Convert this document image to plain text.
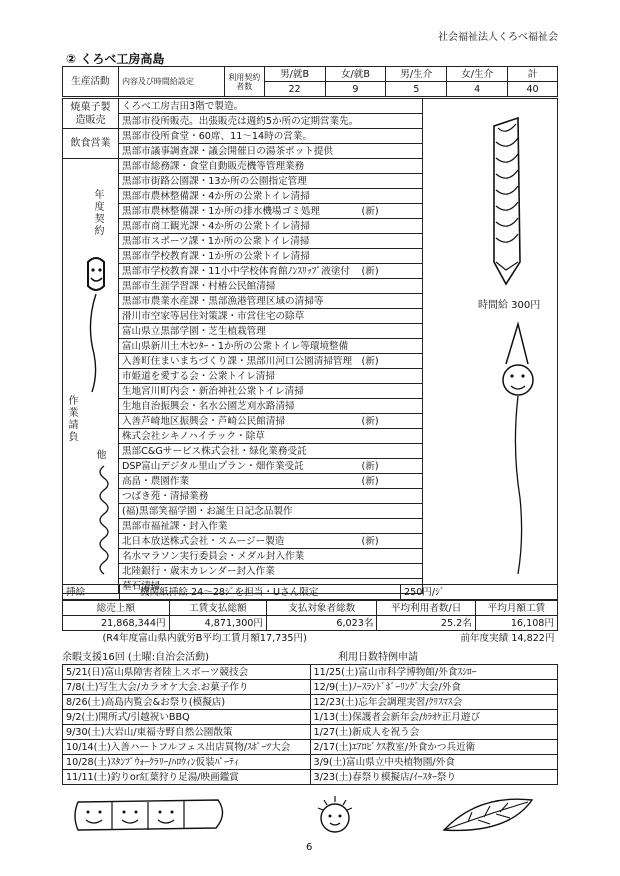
社会福祉法人くろべ福祉会
② くろベ工房高島
生産活動	内容及び時間給設定	利用契約者数	男/就B	女/就B	男/生介	女/生介	計
			22	9	5	4	40
焼菓子製造販売	くろべ工房吉田3階で製造。	
	黒部市役所販売。出張販売は週約5か所の定期営業先。	
飲食営業	黒部市役所食堂・60席、11～14時の営業。	
	黒部市議事調査課・議会開催日の湯茶ポット提供	

作業請負
年度契約
他	黒部市総務課・食堂自動販売機等管理業務	
	黒部市街路公園課・13か所の公園指定管理	
	黒部市農林整備課・4か所の公衆トイレ清掃	
	黒部市農林整備課・1か所の排水機場ゴミ処理 (新)	

	黒部市商工観光課・4か所の公衆トイレ清掃	
	黒部市スポーツ課・1か所の公衆トイレ清掃	
	黒部市学校教育課・1か所の公衆トイレ清掃	
	黒部市学校教育課・11小中学校体育館ﾉﾝｽﾘｯﾌﾟ液塗付 (新)	

	黒部市生涯学習課・村椿公民館清掃	
	黒部市農業水産課・黒部漁港管理区域の清掃等	
	滑川市空家等居住対策課・市営住宅の除草	
	富山県立黒部学園・芝生植栽管理	
	富山県新川土木ｾﾝﾀｰ・1か所の公衆トイレ等環境整備	
	入善町住まいまちづくり課・黒部川河口公園清掃管理 (新)	

	市姫道を愛する会・公衆トイレ清掃	
	生地宮川町内会・新治神社公衆トイレ清掃	
	生地自治振興会・名水公園芝刈水路清掃	
	入善芦崎地区振興会・芦崎公民館清掃 (新)	

	株式会社シキノハイテック・除草	
	黒部C&Gサービス株式会社・緑化業務受託	
	DSP富山デジタル里山プラン・畑作業受託 (新)	

	高畠・農園作業 (新)	

	つばき苑・清掃業務	
	(福)黒部笑福学園・お誕生日記念品製作	
	黒部市福祉課・封入作業	
	北日本放送株式会社・スムージー製造 (新)	

	名水マラソン実行委員会・メダル封入作業	
	北陸銀行・歳末カレンダー封入作業	
	墓石清掃	
挿絵	機関紙挿絵 24～28ｼﾞを担当・Uさん限定	250円/ｼﾞ
総売上額	工賃支払総額	支払対象者総数	平均利用者数/日	平均月額工賃
21,868,344円	4,871,300円	6,023名	25.2名	16,108円
(R4年度富山県内就労B平均工賃月額17,735円)			前年度実績 14,822円	
余暇支援16回 (土曜:自治会活動)	利用日数特例申請
5/21(日)富山県障害者陸上スポーツ競技会	11/25(土)富山市科学博物館/外食ｽｼﾛｰ
7/8(土)写生大会/カラオケ大会.お菓子作り	12/9(土)ﾉｰｽﾗﾝﾄﾞﾎﾞｰﾘﾝｸﾞ大会/外食
8/26(土)高島内覧会&お祭り(模擬店)	12/23(土)忘年会調理実習/ｸﾘｽﾏｽ会
9/2(土)開所式/引越祝いBBQ	1/13(土)保護者会新年会/ｶﾗｵｹ正月遊び
9/30(土)大岩山/東福寺野自然公園散策	1/27(土)新成人を祝う会
10/14(土)入善ハートフルフェス出店買物/ｽﾎﾟｰﾂ大会	2/17(土)ｴｱﾛﾋﾞｸｽ教室/外食かつ兵近衛
10/28(土)ｽﾀﾝﾌﾟｳｫｰｸﾗﾘｰ/ﾊﾛｳｨﾝ仮装ﾊﾟｰﾃｨ	3/9(土)富山県立中央植物園/外食
11/11(土)釣りor紅葉狩り足湯/映画鑑賞	3/23(土)春祭り模擬店/ｲｰｽﾀｰ祭り
6
時間給 300円
